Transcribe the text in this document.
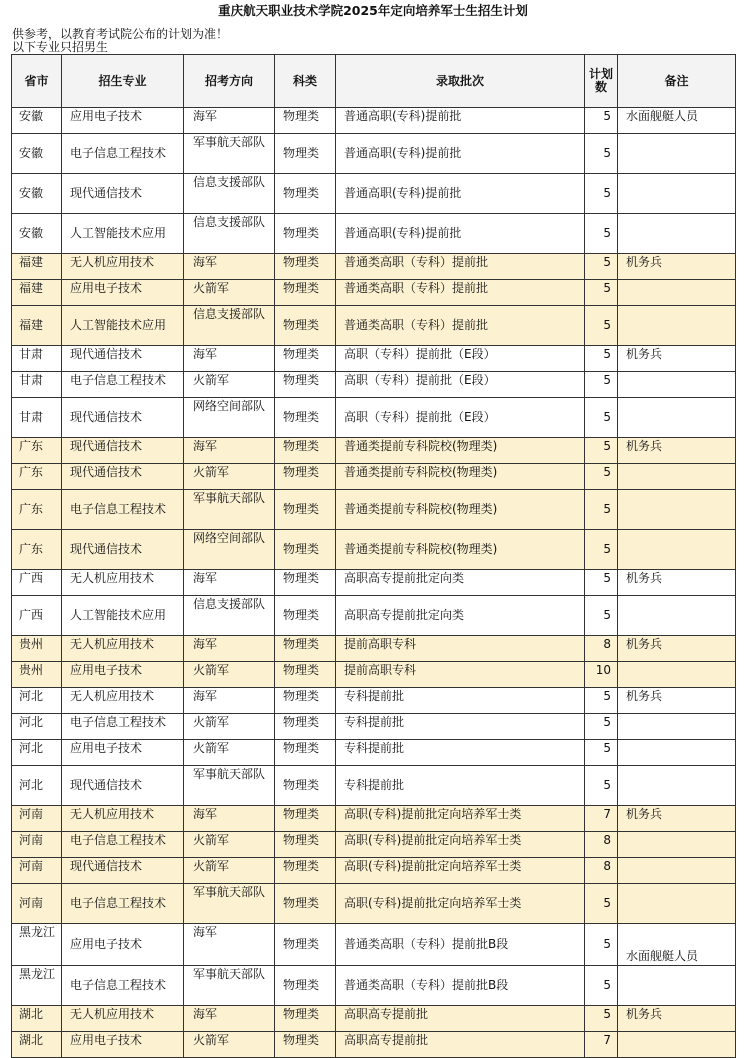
重庆航天职业技术学院2025年定向培养军士生招生计划
供参考，以教育考试院公布的计划为准！
以下专业只招男生
省市	招生专业	招考方向	科类	录取批次	计划数	备注
安徽	应用电子技术	海军	物理类	普通高职(专科)提前批	5	水面舰艇人员
安徽	电子信息工程技术	军事航天部队	物理类	普通高职(专科)提前批	5	
安徽	现代通信技术	信息支援部队	物理类	普通高职(专科)提前批	5	
安徽	人工智能技术应用	信息支援部队	物理类	普通高职(专科)提前批	5	
福建	无人机应用技术	海军	物理类	普通类高职（专科）提前批	5	机务兵
福建	应用电子技术	火箭军	物理类	普通类高职（专科）提前批	5	
福建	人工智能技术应用	信息支援部队	物理类	普通类高职（专科）提前批	5	
甘肃	现代通信技术	海军	物理类	高职（专科）提前批（E段）	5	机务兵
甘肃	电子信息工程技术	火箭军	物理类	高职（专科）提前批（E段）	5	
甘肃	现代通信技术	网络空间部队	物理类	高职（专科）提前批（E段）	5	
广东	现代通信技术	海军	物理类	普通类提前专科院校(物理类)	5	机务兵
广东	现代通信技术	火箭军	物理类	普通类提前专科院校(物理类)	5	
广东	电子信息工程技术	军事航天部队	物理类	普通类提前专科院校(物理类)	5	
广东	现代通信技术	网络空间部队	物理类	普通类提前专科院校(物理类)	5	
广西	无人机应用技术	海军	物理类	高职高专提前批定向类	5	机务兵
广西	人工智能技术应用	信息支援部队	物理类	高职高专提前批定向类	5	
贵州	无人机应用技术	海军	物理类	提前高职专科	8	机务兵
贵州	应用电子技术	火箭军	物理类	提前高职专科	10	
河北	无人机应用技术	海军	物理类	专科提前批	5	机务兵
河北	电子信息工程技术	火箭军	物理类	专科提前批	5	
河北	应用电子技术	火箭军	物理类	专科提前批	5	
河北	现代通信技术	军事航天部队	物理类	专科提前批	5	
河南	无人机应用技术	海军	物理类	高职(专科)提前批定向培养军士类	7	机务兵
河南	电子信息工程技术	火箭军	物理类	高职(专科)提前批定向培养军士类	8	
河南	现代通信技术	火箭军	物理类	高职(专科)提前批定向培养军士类	8	
河南	电子信息工程技术	军事航天部队	物理类	高职(专科)提前批定向培养军士类	5	
黑龙江	应用电子技术	海军	物理类	普通类高职（专科）提前批B段	5	水面舰艇人员
黑龙江	电子信息工程技术	军事航天部队	物理类	普通类高职（专科）提前批B段	5	
湖北	无人机应用技术	海军	物理类	高职高专提前批	5	机务兵
湖北	应用电子技术	火箭军	物理类	高职高专提前批	7	
